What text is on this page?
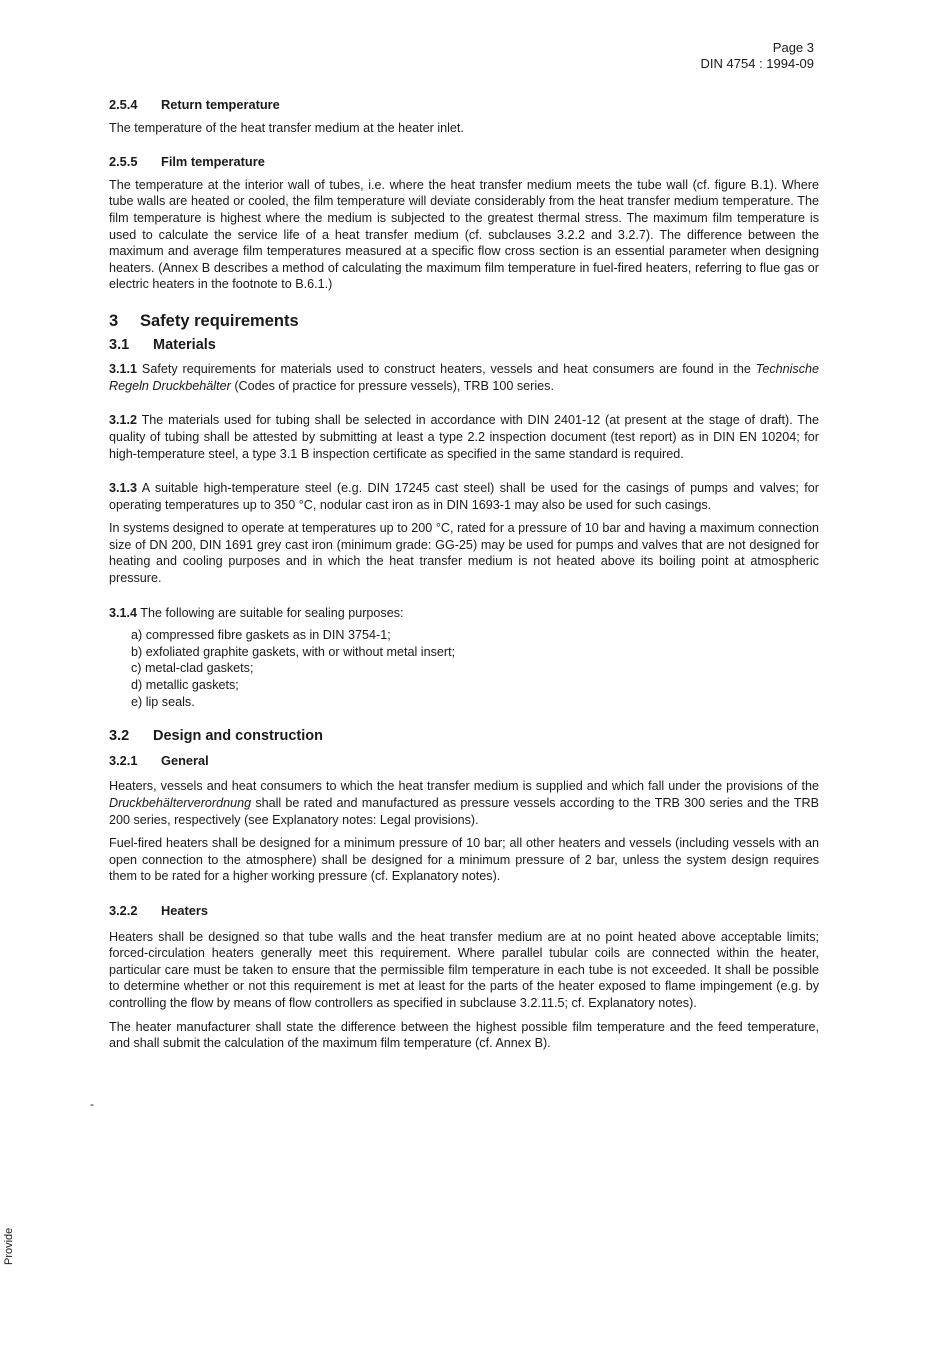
Page 3
DIN 4754 : 1994-09
2.5.4 Return temperature

The temperature of the heat transfer medium at the heater inlet.

2.5.5 Film temperature

The temperature at the interior wall of tubes, i.e. where the heat transfer medium meets the tube wall (cf. figure B.1). Where tube walls are heated or cooled, the film temperature will deviate considerably from the heat transfer medium temperature. The film temperature is highest where the medium is subjected to the greatest thermal stress. The maximum film temperature is used to calculate the service life of a heat transfer medium (cf. subclauses 3.2.2 and 3.2.7). The difference between the maximum and average film temperatures measured at a specific flow cross section is an essential parameter when designing heaters. (Annex B describes a method of calculating the maximum film temperature in fuel-fired heaters, referring to flue gas or electric heaters in the footnote to B.6.1.)

3 Safety requirements
3.1 Materials

3.1.1 Safety requirements for materials used to construct heaters, vessels and heat consumers are found in the Technische Regeln Druckbehälter (Codes of practice for pressure vessels), TRB 100 series.

3.1.2 The materials used for tubing shall be selected in accordance with DIN 2401-12 (at present at the stage of draft). The quality of tubing shall be attested by submitting at least a type 2.2 inspection document (test report) as in DIN EN 10204; for high-temperature steel, a type 3.1 B inspection certificate as specified in the same standard is required.

3.1.3 A suitable high-temperature steel (e.g. DIN 17245 cast steel) shall be used for the casings of pumps and valves; for operating temperatures up to 350 °C, nodular cast iron as in DIN 1693-1 may also be used for such casings.

In systems designed to operate at temperatures up to 200 °C, rated for a pressure of 10 bar and having a maximum connection size of DN 200, DIN 1691 grey cast iron (minimum grade: GG-25) may be used for pumps and valves that are not designed for heating and cooling purposes and in which the heat transfer medium is not heated above its boiling point at atmospheric pressure.

3.1.4 The following are suitable for sealing purposes:

a) compressed fibre gaskets as in DIN 3754-1;
b) exfoliated graphite gaskets, with or without metal insert;
c) metal-clad gaskets;
d) metallic gaskets;
e) lip seals.
3.2 Design and construction
3.2.1 General

Heaters, vessels and heat consumers to which the heat transfer medium is supplied and which fall under the provisions of the Druckbehälterverordnung shall be rated and manufactured as pressure vessels according to the TRB 300 series and the TRB 200 series, respectively (see Explanatory notes: Legal provisions).

Fuel-fired heaters shall be designed for a minimum pressure of 10 bar; all other heaters and vessels (including vessels with an open connection to the atmosphere) shall be designed for a minimum pressure of 2 bar, unless the system design requires them to be rated for a higher working pressure (cf. Explanatory notes).

3.2.2 Heaters

Heaters shall be designed so that tube walls and the heat transfer medium are at no point heated above acceptable limits; forced-circulation heaters generally meet this requirement. Where parallel tubular coils are connected within the heater, particular care must be taken to ensure that the permissible film temperature in each tube is not exceeded. It shall be possible to determine whether or not this requirement is met at least for the parts of the heater exposed to flame impingement (e.g. by controlling the flow by means of flow controllers as specified in subclause 3.2.11.5; cf. Explanatory notes).

The heater manufacturer shall state the difference between the highest possible film temperature and the feed temperature, and shall submit the calculation of the maximum film temperature (cf. Annex B).

-
Provide
